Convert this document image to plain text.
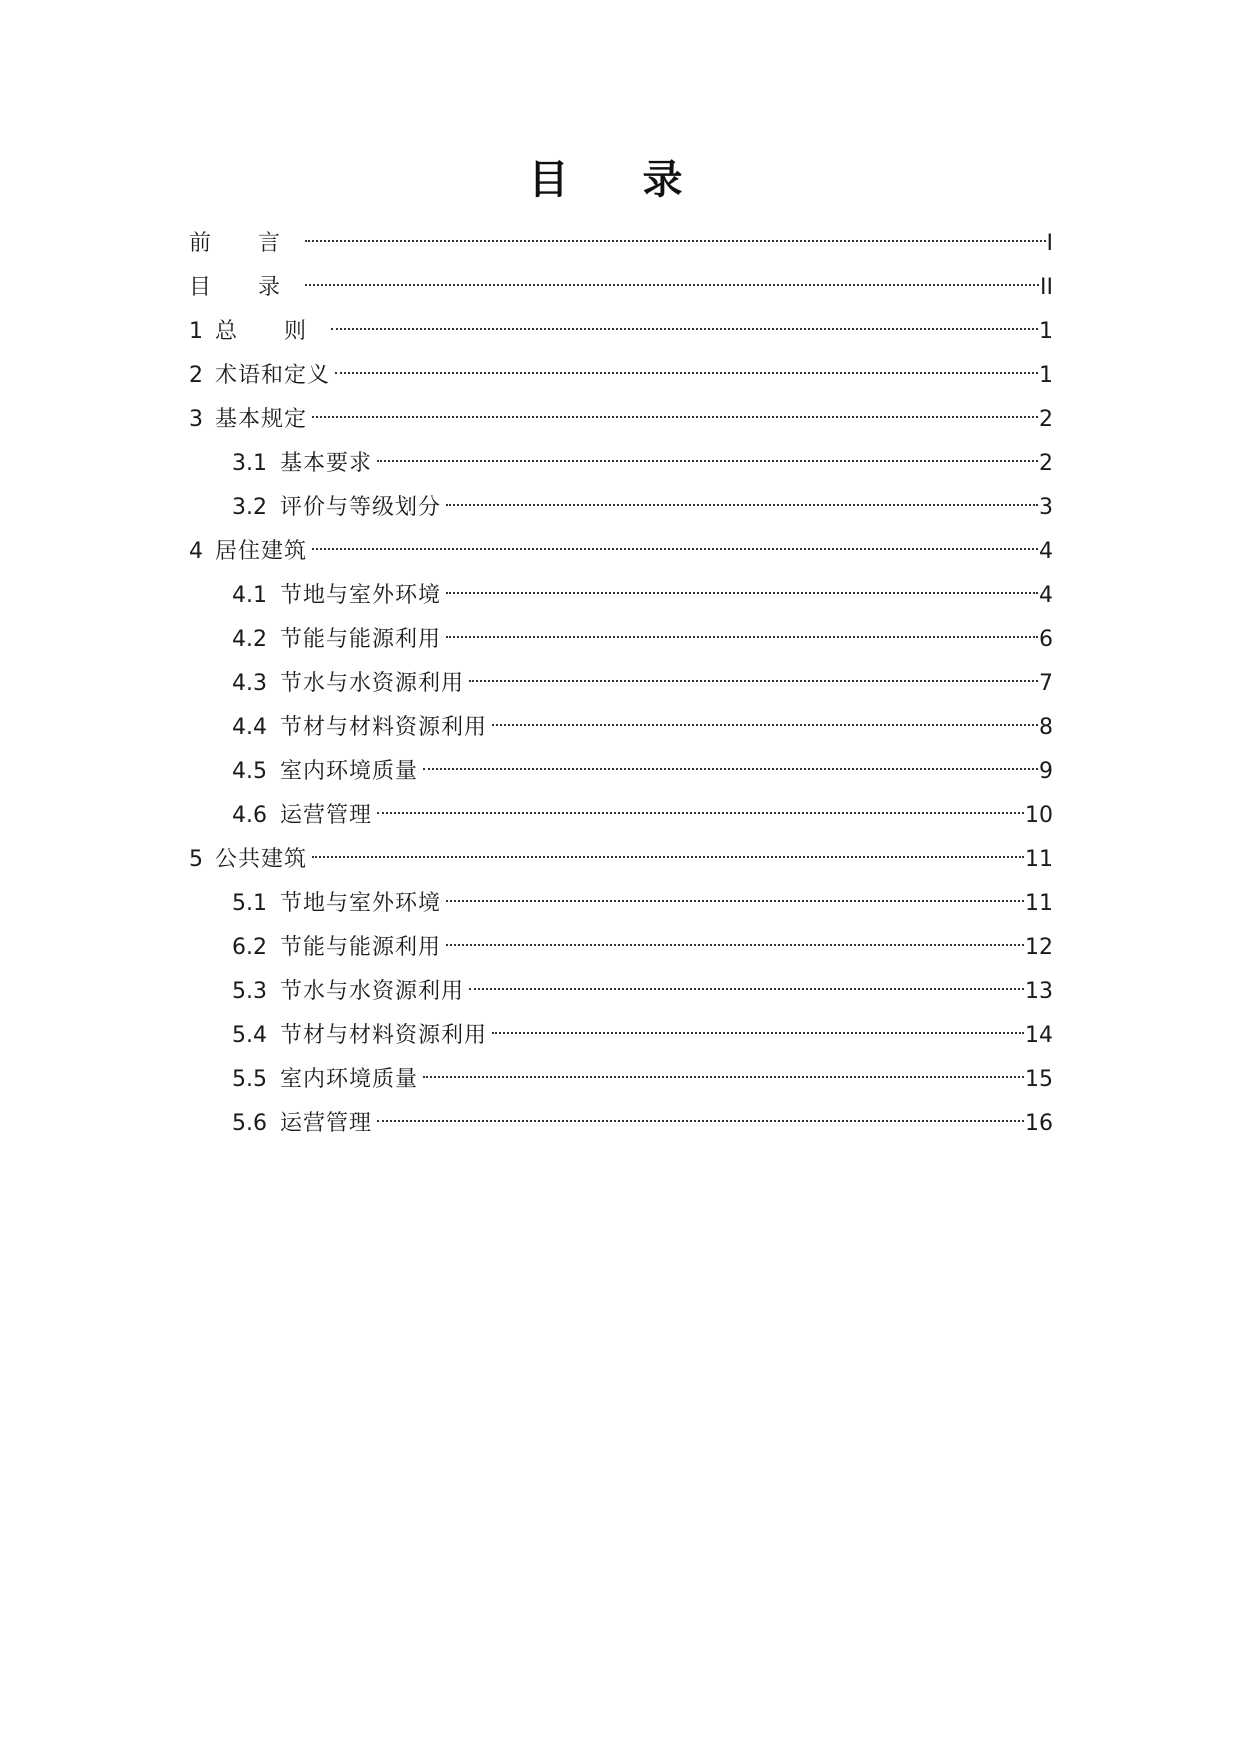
目 录
前 言	I
目 录	II
1 总 则	1
2 术语和定义	1
3 基本规定	2
3.1 基本要求	2
3.2 评价与等级划分	3
4 居住建筑	4
4.1 节地与室外环境	4
4.2 节能与能源利用	6
4.3 节水与水资源利用	7
4.4 节材与材料资源利用	8
4.5 室内环境质量	9
4.6 运营管理	10
5 公共建筑	11
5.1 节地与室外环境	11
6.2 节能与能源利用	12
5.3 节水与水资源利用	13
5.4 节材与材料资源利用	14
5.5 室内环境质量	15
5.6 运营管理	16
